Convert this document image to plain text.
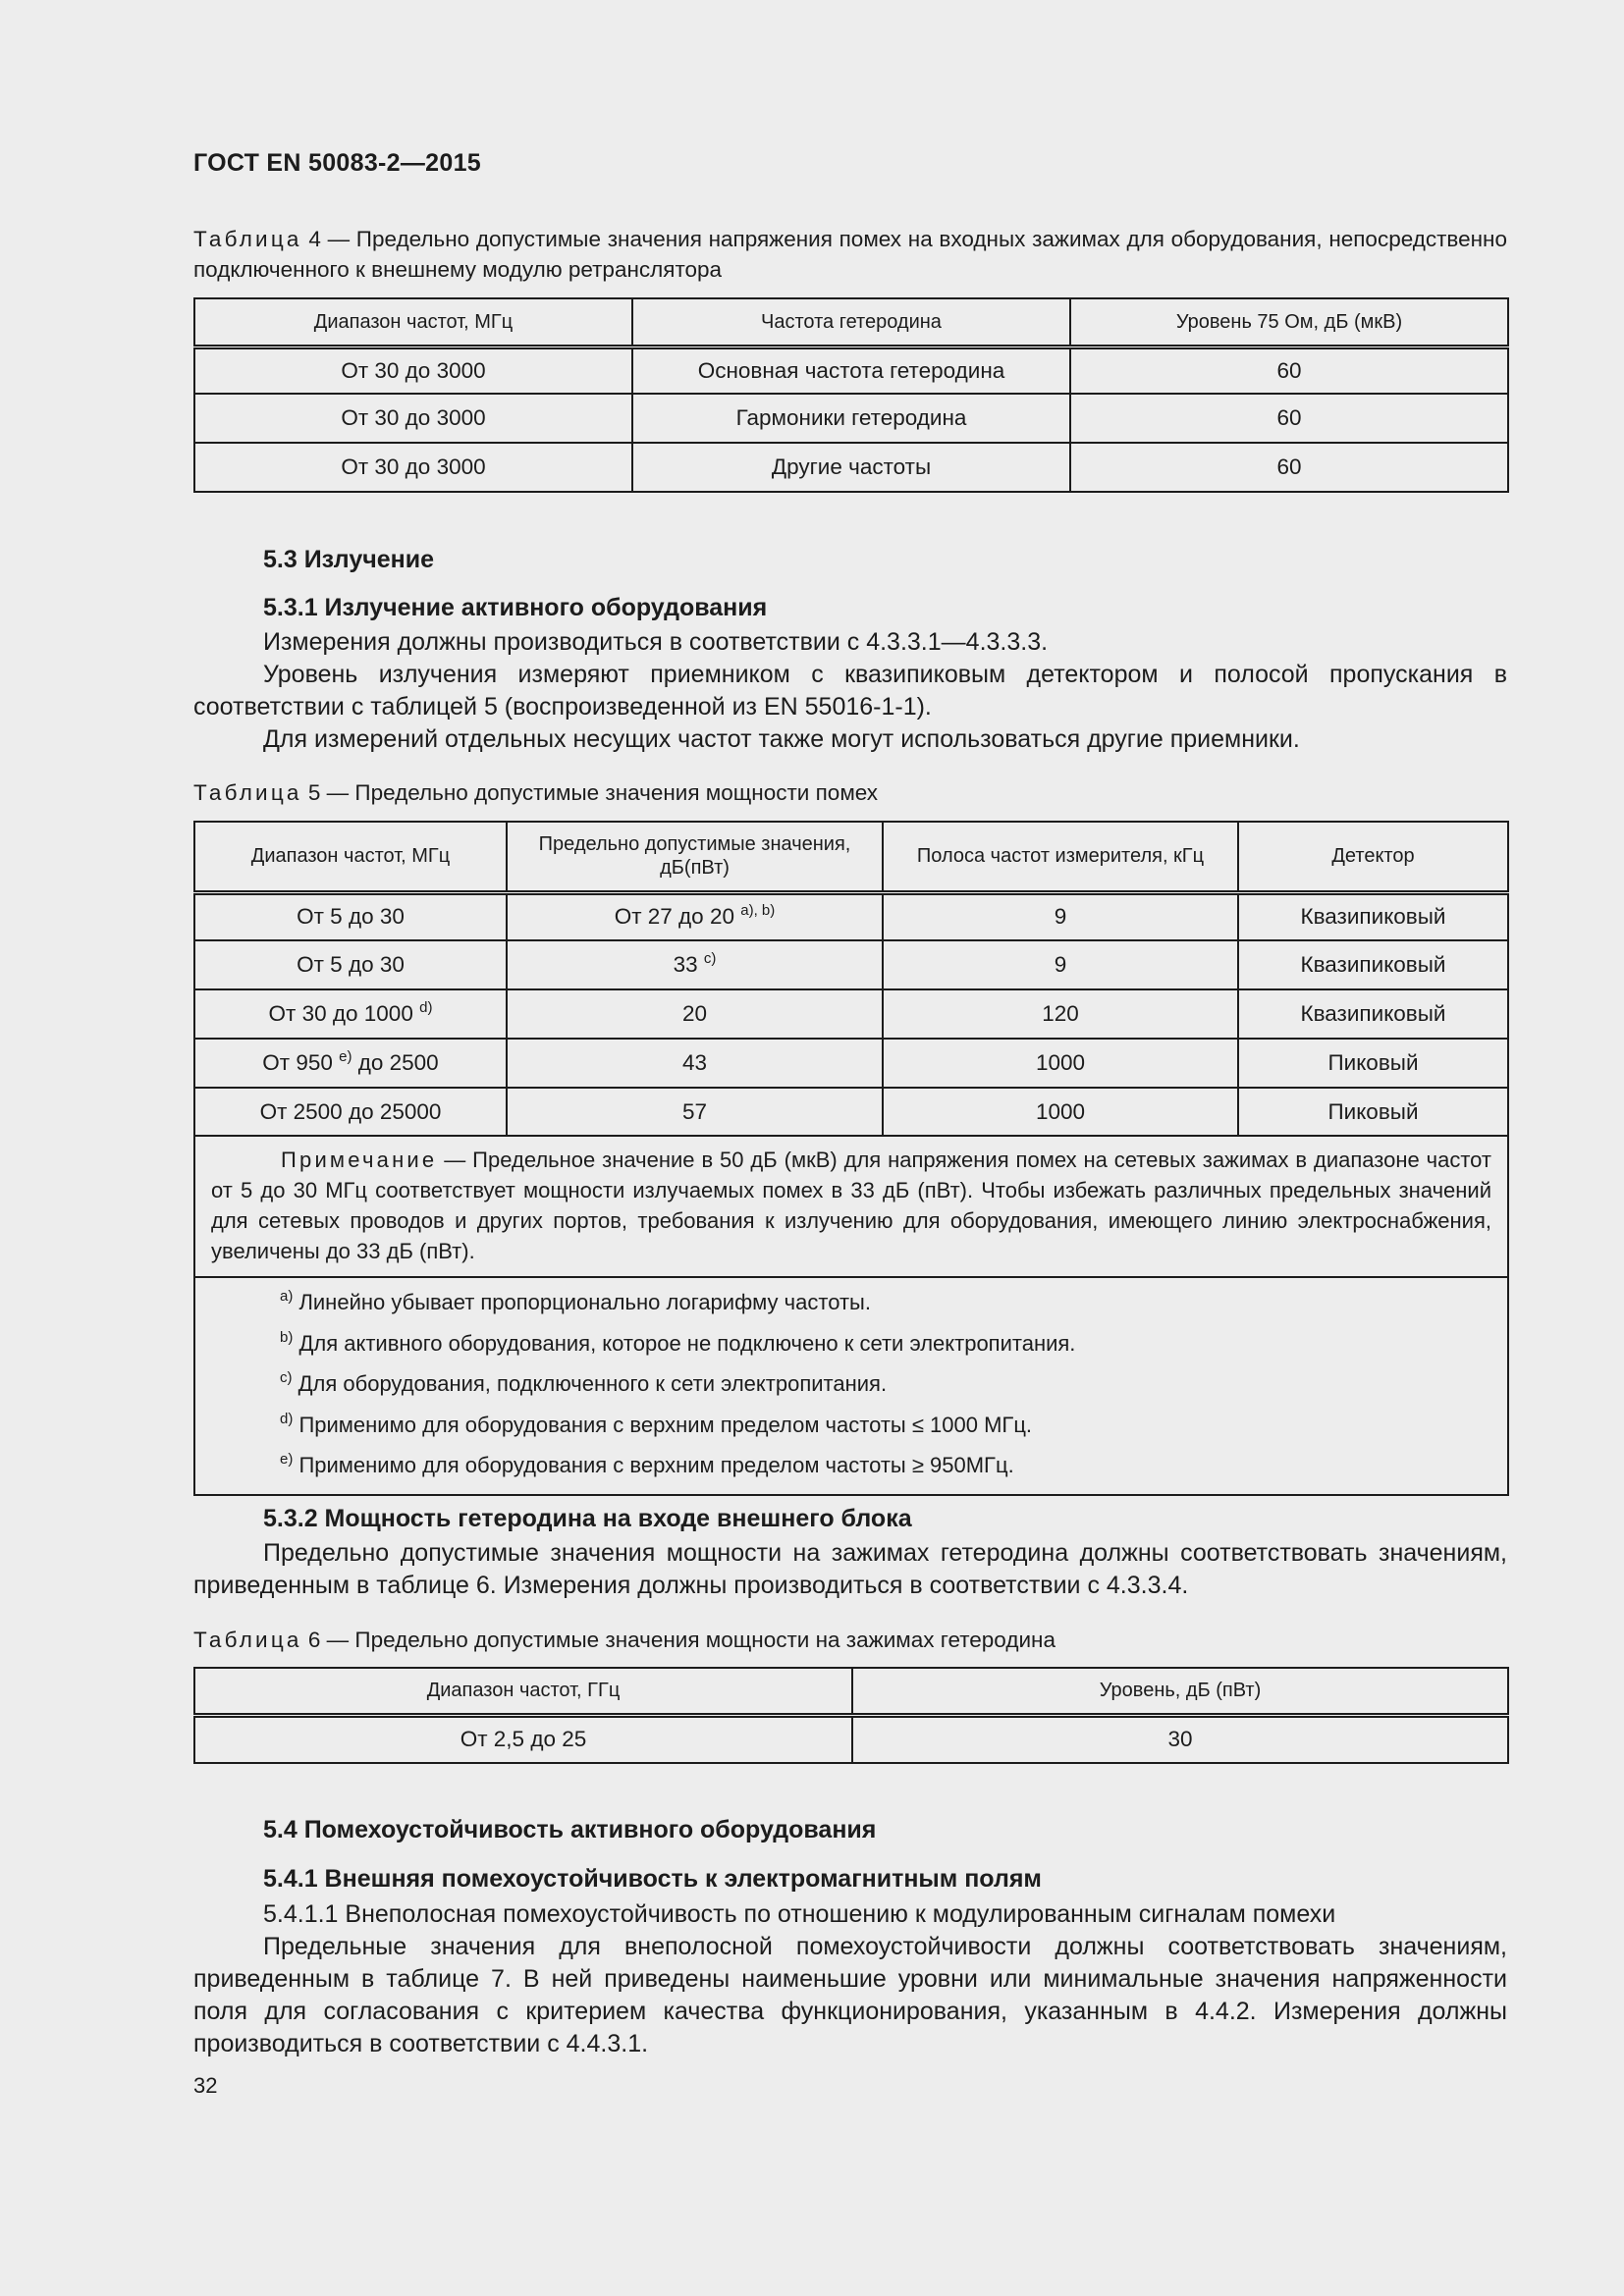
ГОСТ EN 50083-2—2015
Таблица 4 — Предельно допустимые значения напряжения помех на входных зажимах для оборудования, непосредственно подключенного к внешнему модулю ретранслятора
Диапазон частот, МГц	Частота гетеродина	Уровень 75 Ом, дБ (мкВ)
От 30 до 3000	Основная частота гетеродина	60
От 30 до 3000	Гармоники гетеродина	60
От 30 до 3000	Другие частоты	60
5.3 Излучение
5.3.1 Излучение активного оборудования
Измерения должны производиться в соответствии с 4.3.3.1—4.3.3.3.
Уровень излучения измеряют приемником с квазипиковым детектором и полосой пропускания в соответствии с таблицей 5 (воспроизведенной из EN 55016-1-1).
Для измерений отдельных несущих частот также могут использоваться другие приемники.
Таблица 5 — Предельно допустимые значения мощности помех
Диапазон частот, МГц	Предельно допустимые значения, дБ(пВт)	Полоса частот измерителя, кГц	Детектор
От 5 до 30	От 27 до 20 $^{a), b)}$	9	Квазипиковый
От 5 до 30	33 $^{c)}$	9	Квазипиковый
От 30 до 1000 $^{d)}$	20	120	Квазипиковый
От 950 $^{e)}$ до 2500	43	1000	Пиковый
От 2500 до 25000	57	1000	Пиковый
Примечание — Предельное значение в 50 дБ (мкВ) для напряжения помех на сетевых зажимах в диапазоне частот от 5 до 30 МГц соответствует мощности излучаемых помех в 33 дБ (пВт). Чтобы избежать различных предельных значений для сетевых проводов и других портов, требования к излучению для оборудования, имеющего линию электроснабжения, увеличены до 33 дБ (пВт).			

$^{a)}$ Линейно убывает пропорционально логарифму частоты.
$^{b)}$ Для активного оборудования, которое не подключено к сети электропитания.
$^{c)}$ Для оборудования, подключенного к сети электропитания.
$^{d)}$ Применимо для оборудования с верхним пределом частоты ≤ 1000 МГц.
$^{e)}$ Применимо для оборудования с верхним пределом частоты ≥ 950МГц.			
5.3.2 Мощность гетеродина на входе внешнего блока
Предельно допустимые значения мощности на зажимах гетеродина должны соответствовать значениям, приведенным в таблице 6. Измерения должны производиться в соответствии с 4.3.3.4.
Таблица 6 — Предельно допустимые значения мощности на зажимах гетеродина
Диапазон частот, ГГц	Уровень, дБ (пВт)
От 2,5 до 25	30
5.4 Помехоустойчивость активного оборудования
5.4.1 Внешняя помехоустойчивость к электромагнитным полям
5.4.1.1 Внеполосная помехоустойчивость по отношению к модулированным сигналам помехи
Предельные значения для внеполосной помехоустойчивости должны соответствовать значениям, приведенным в таблице 7. В ней приведены наименьшие уровни или минимальные значения напряженности поля для согласования с критерием качества функционирования, указанным в 4.4.2. Измерения должны производиться в соответствии с 4.4.3.1.
32
